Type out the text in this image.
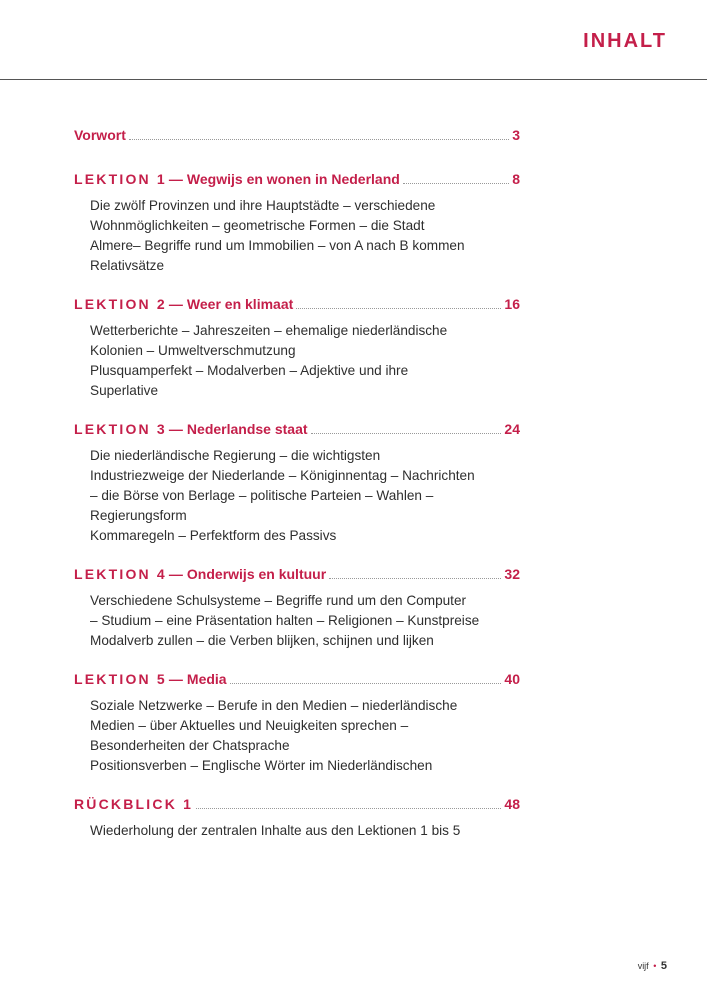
INHALT
Vorwort	3
LEKTION 1 — Wegwijs en wonen in Nederland	8
Die zwölf Provinzen und ihre Hauptstädte – verschiedene
Wohnmöglichkeiten – geometrische Formen – die Stadt
Almere– Begriffe rund um Immobilien – von A nach B kommen
Relativsätze
LEKTION 2 — Weer en klimaat	16
Wetterberichte – Jahreszeiten – ehemalige niederländische
Kolonien – Umweltverschmutzung
Plusquamperfekt – Modalverben – Adjektive und ihre
Superlative
LEKTION 3 — Nederlandse staat	24
Die niederländische Regierung – die wichtigsten
Industriezweige der Niederlande – Königinnentag – Nachrichten
– die Börse von Berlage – politische Parteien – Wahlen –
Regierungsform
Kommaregeln – Perfektform des Passivs
LEKTION 4 — Onderwijs en kultuur	32
Verschiedene Schulsysteme – Begriffe rund um den Computer
– Studium – eine Präsentation halten – Religionen – Kunstpreise
Modalverb zullen – die Verben blijken, schijnen und lijken
LEKTION 5 — Media	40
Soziale Netzwerke – Berufe in den Medien – niederländische
Medien – über Aktuelles und Neuigkeiten sprechen –
Besonderheiten der Chatsprache
Positionsverben – Englische Wörter im Niederländischen
RÜCKBLICK 1	48
Wiederholung der zentralen Inhalte aus den Lektionen 1 bis 5
vijf • 5
